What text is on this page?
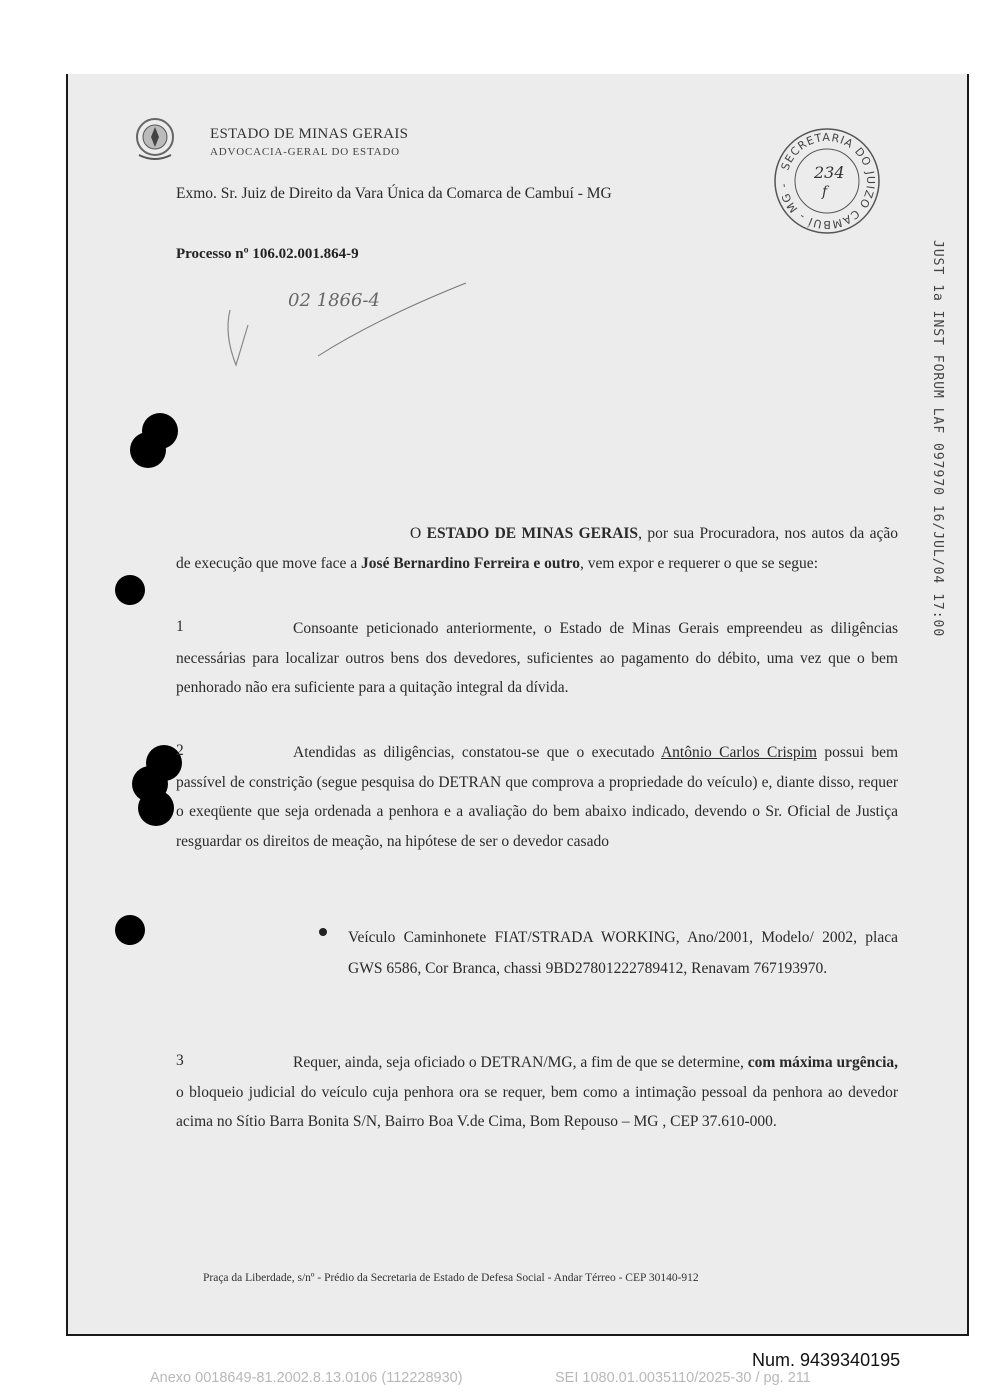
ESTADO DE MINAS GERAIS
ADVOCACIA-GERAL DO ESTADO
Exmo. Sr. Juiz de Direito da Vara Única da Comarca de Cambuí - MG
Processo nº 106.02.001.864-9
02 1866-4
SECRETARIA DO JUIZO CAMBUÍ - MG -
234
f
JUST 1a INST FORUM LAF 097970 16/JUL/04 17:00
O ESTADO DE MINAS GERAIS, por sua Procuradora, nos autos da ação de execução que move face a José Bernardino Ferreira e outro, vem expor e requerer o que se segue:
1	Consoante peticionado anteriormente, o Estado de Minas Gerais empreendeu as diligências necessárias para localizar outros bens dos devedores, suficientes ao pagamento do débito, uma vez que o bem penhorado não era suficiente para a quitação integral da dívida.
2	Atendidas as diligências, constatou-se que o executado Antônio Carlos Crispim possui bem passível de constrição (segue pesquisa do DETRAN que comprova a propriedade do veículo) e, diante disso, requer o exeqüente que seja ordenada a penhora e a avaliação do bem abaixo indicado, devendo o Sr. Oficial de Justiça resguardar os direitos de meação, na hipótese de ser o devedor casado
Veículo Caminhonete FIAT/STRADA WORKING, Ano/2001, Modelo/ 2002, placa GWS 6586, Cor Branca, chassi 9BD27801222789412, Renavam 767193970.
3	Requer, ainda, seja oficiado o DETRAN/MG, a fim de que se determine, com máxima urgência, o bloqueio judicial do veículo cuja penhora ora se requer, bem como a intimação pessoal da penhora ao devedor acima no Sítio Barra Bonita S/N, Bairro Boa V.de Cima, Bom Repouso – MG , CEP 37.610-000.
Praça da Liberdade, s/nº - Prédio da Secretaria de Estado de Defesa Social - Andar Térreo - CEP 30140-912
Num. 9439340195
Anexo 0018649-81.2002.8.13.0106 (112228930)	SEI 1080.01.0035110/2025-30 / pg. 211
